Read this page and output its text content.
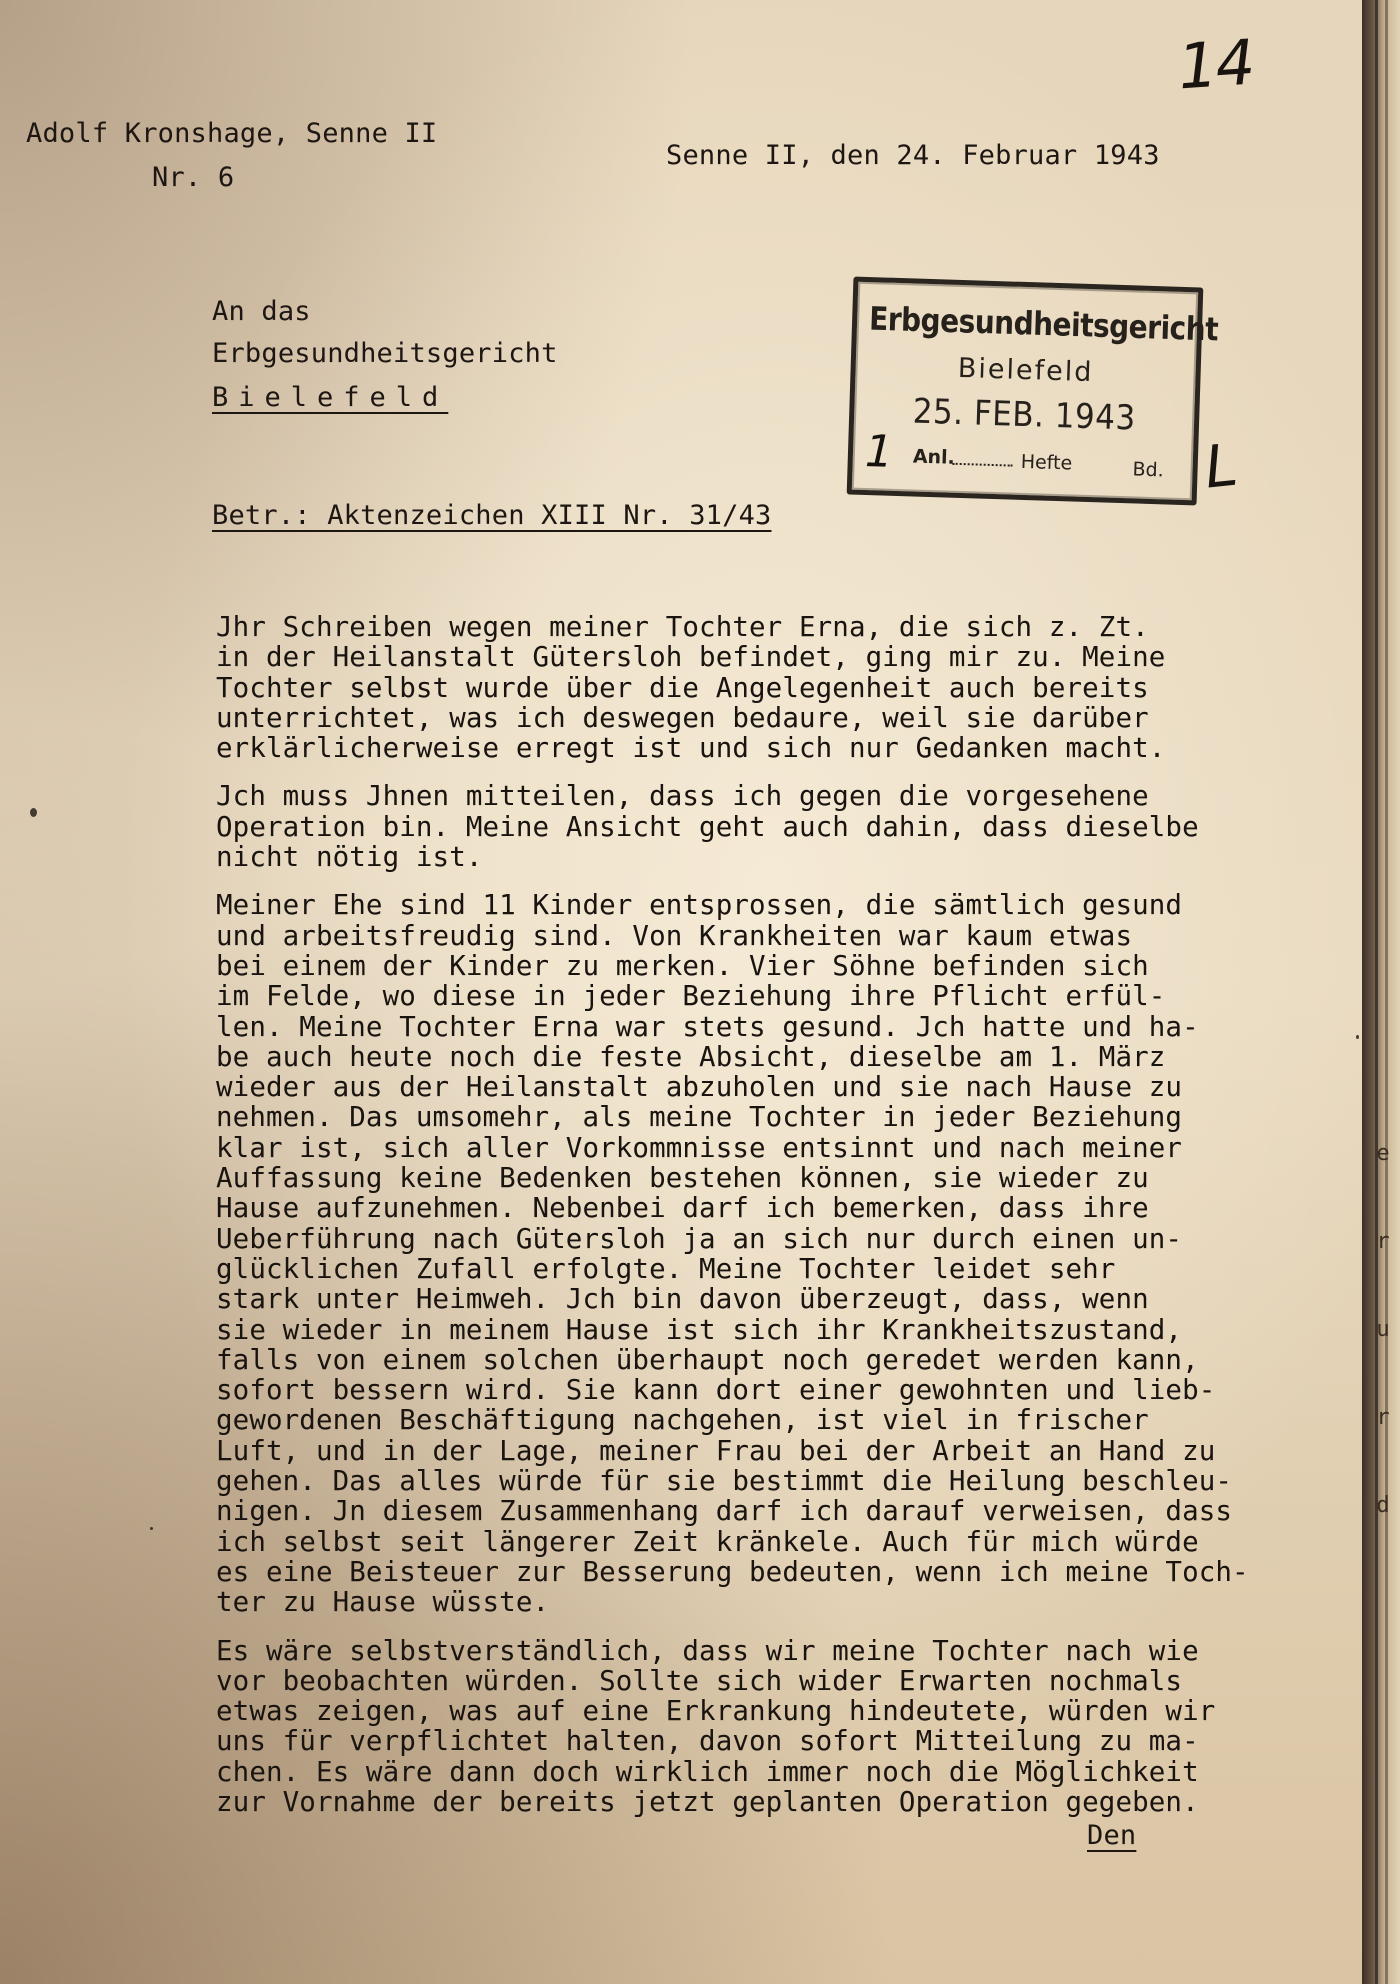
14
Adolf Kronshage, Senne II
Nr. 6
Senne II, den 24. Februar 1943
An das
Erbgesundheitsgericht
Bielefeld
Erbgesundheitsgericht
Bielefeld
25. FEB. 1943
1 Anl.	Hefte	Bd. L
Betr.: Aktenzeichen XIII Nr. 31/43
Jhr Schreiben wegen meiner Tochter Erna, die sich z. Zt.
in der Heilanstalt Gütersloh befindet, ging mir zu. Meine
Tochter selbst wurde über die Angelegenheit auch bereits
unterrichtet, was ich deswegen bedaure, weil sie darüber
erklärlicherweise erregt ist und sich nur Gedanken macht.
Jch muss Jhnen mitteilen, dass ich gegen die vorgesehene
Operation bin. Meine Ansicht geht auch dahin, dass dieselbe
nicht nötig ist.
Meiner Ehe sind 11 Kinder entsprossen, die sämtlich gesund
und arbeitsfreudig sind. Von Krankheiten war kaum etwas
bei einem der Kinder zu merken. Vier Söhne befinden sich
im Felde, wo diese in jeder Beziehung ihre Pflicht erfül-
len. Meine Tochter Erna war stets gesund. Jch hatte und ha-
be auch heute noch die feste Absicht, dieselbe am 1. März
wieder aus der Heilanstalt abzuholen und sie nach Hause zu
nehmen. Das umsomehr, als meine Tochter in jeder Beziehung
klar ist, sich aller Vorkommnisse entsinnt und nach meiner
Auffassung keine Bedenken bestehen können, sie wieder zu
Hause aufzunehmen. Nebenbei darf ich bemerken, dass ihre
Ueberführung nach Gütersloh ja an sich nur durch einen un-
glücklichen Zufall erfolgte. Meine Tochter leidet sehr
stark unter Heimweh. Jch bin davon überzeugt, dass, wenn
sie wieder in meinem Hause ist sich ihr Krankheitszustand,
falls von einem solchen überhaupt noch geredet werden kann,
sofort bessern wird. Sie kann dort einer gewohnten und lieb-
gewordenen Beschäftigung nachgehen, ist viel in frischer
Luft, und in der Lage, meiner Frau bei der Arbeit an Hand zu
gehen. Das alles würde für sie bestimmt die Heilung beschleu-
nigen. Jn diesem Zusammenhang darf ich darauf verweisen, dass
ich selbst seit längerer Zeit kränkele. Auch für mich würde
es eine Beisteuer zur Besserung bedeuten, wenn ich meine Toch-
ter zu Hause wüsste.
Es wäre selbstverständlich, dass wir meine Tochter nach wie
vor beobachten würden. Sollte sich wider Erwarten nochmals
etwas zeigen, was auf eine Erkrankung hindeutete, würden wir
uns für verpflichtet halten, davon sofort Mitteilung zu ma-
chen. Es wäre dann doch wirklich immer noch die Möglichkeit
zur Vornahme der bereits jetzt geplanten Operation gegeben.
Den
e
r
u
r
d
